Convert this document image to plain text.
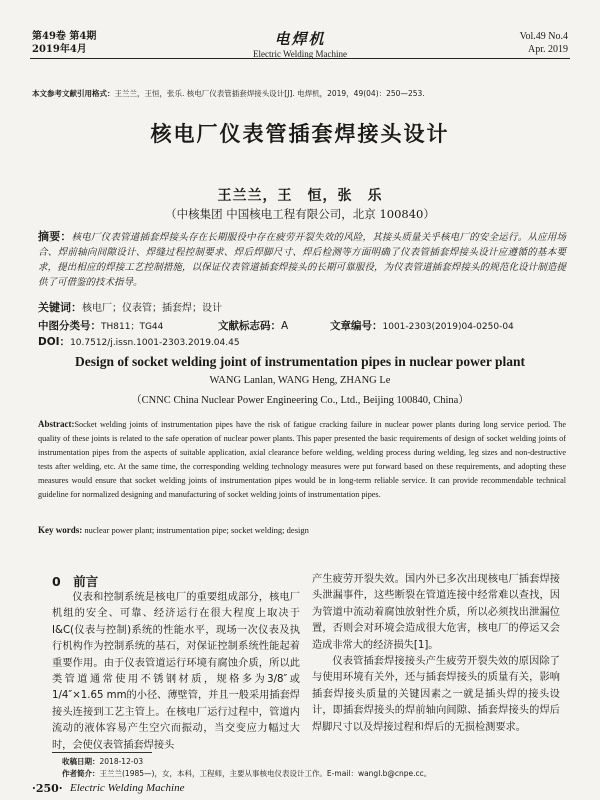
第49卷 第4期
2019年4月
电焊机
Electric Welding Machine
Vol.49 No.4
Apr. 2019
本文参考文献引用格式：王兰兰，王恒，张乐. 核电厂仪表管插套焊接头设计[J]. 电焊机，2019，49(04)：250—253.
核电厂仪表管插套焊接头设计
王兰兰，王　恒，张　乐
（中核集团 中国核电工程有限公司，北京 100840）
摘要：核电厂仪表管道插套焊接头存在长期服役中存在疲劳开裂失效的风险，其接头质量关乎核电厂的安全运行。从应用场合、焊前轴向间隙设计、焊缝过程控制要求、焊后焊脚尺寸、焊后检测等方面明确了仪表管插套焊接头设计应遵循的基本要求，提出相应的焊接工艺控制措施，以保证仪表管道插套焊接头的长期可靠服役，为仪表管道插套焊接头的规范化设计制造提供了可借鉴的技术指导。
关键词：核电厂；仪表管；插套焊；设计
中图分类号：TH811；TG44	文献标志码：A	文章编号：1001-2303(2019)04-0250-04
DOI：10.7512/j.issn.1001-2303.2019.04.45
Design of socket welding joint of instrumentation pipes in nuclear power plant
WANG Lanlan, WANG Heng, ZHANG Le
（CNNC China Nuclear Power Engineering Co., Ltd., Beijing 100840, China）
Abstract:Socket welding joints of instrumentation pipes have the risk of fatigue cracking failure in nuclear power plants during long service period. The quality of these joints is related to the safe operation of nuclear power plants. This paper presented the basic requirements of design of socket welding joints of instrumentation pipes from the aspects of suitable application, axial clearance before welding, welding process during welding, leg sizes and non-destructive tests after welding, etc. At the same time, the corresponding welding technology measures were put forward based on these requirements, and adopting these measures would ensure that socket welding joints of instrumentation pipes would be in long-term reliable service. It can provide recommendable technical guideline for normalized designing and manufacturing of socket welding joints of instrumentation pipes.
Key words: nuclear power plant; instrumentation pipe; socket welding; design
0　前言

仪表和控制系统是核电厂的重要组成部分，核电厂机组的安全、可靠、经济运行在很大程度上取决于I&C(仪表与控制)系统的性能水平，现场一次仪表及执行机构作为控制系统的基石，对保证控制系统性能起着重要作用。由于仪表管道运行环境有腐蚀介质，所以此类管道通常使用不锈钢材质，规格多为3/8″或1/4″×1.65 mm的小径、薄壁管，并且一般采用插套焊接头连接到工艺主管上。在核电厂运行过程中，管道内流动的液体容易产生空穴而振动，当交变应力幅过大时，会使仪表管插套焊接头

产生疲劳开裂失效。国内外已多次出现核电厂插套焊接头泄漏事件，这些断裂在管道连接中经常难以查找，因为管道中流动着腐蚀放射性介质，所以必须找出泄漏位置，否则会对环境会造成很大危害，核电厂的停运又会造成非常大的经济损失[1]。

仪表管插套焊接接头产生疲劳开裂失效的原因除了与使用环境有关外，还与插套焊接头的质量有关，影响插套焊接头质量的关键因素之一就是插头焊的接头设计，即插套焊接头的焊前轴向间隙、插套焊接头的焊后焊脚尺寸以及焊接过程和焊后的无损检测要求。

收稿日期：2018-12-03
作者简介：王兰兰(1985—)，女，本科，工程师，主要从事核电仪表设计工作。E-mail：wangl.b@cnpe.cc。
·250· Electric Welding Machine
